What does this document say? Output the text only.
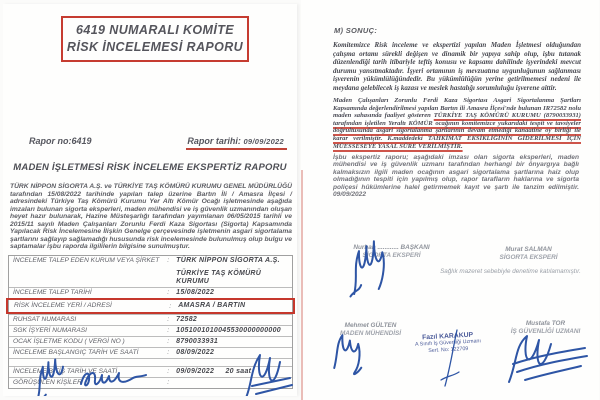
6419 NUMARALI KOMİTE
RİSK İNCELEMESİ RAPORU
Rapor no:6419	Rapor tarihi: 09/09/2022
MADEN İŞLETMESİ RİSK İNCELEME EKSPERTİZ RAPORU
TÜRK NİPPON SİGORTA A.Ş. ve TÜRKİYE TAŞ KÖMÜRÜ KURUMU GENEL MÜDÜRLÜĞÜ tarafından 15/08/2022 tarihinde yapılan talep üzerine Bartın İli / Amasra İlçesi / adresindeki Türkiye Taş Kömürü Kurumu Yer Altı Kömür Ocağı işletmesinde aşağıda imzaları bulunan sigorta eksperleri, maden mühendisi ve iş güvenlik uzmanından oluşan heyet hazır bulunarak, Hazine Müsteşarlığı tarafından yayımlanan 06/05/2015 tarihli ve 2015/11 sayılı Maden Çalışanları Zorunlu Ferdi Kaza Sigortası (Sigorta) Kapsamında Yapılacak Risk İncelemesine İlişkin Genelge çerçevesinde işletmenin asgari sigortalama şartlarını sağlayıp sağlamadığı hususunda risk incelemesinde bulunulmuş olup bulgu ve saptamalar işbu raporda ilgililerin bilgisine sunulmuştur.
İNCELEME TALEP EDEN KURUM VEYA ŞİRKET	:	TÜRK NİPPON SİGORTA A.Ş.
TÜRKİYE TAŞ KÖMÜRÜ KURUMU
İNCELEME TALEP TARİHİ	:	15/08/2022
RİSK İNCELEME YERİ / ADRESİ	:	AMASRA / BARTIN
RUHSAT NUMARASI	:	72582
SGK İŞYERİ NUMARASI	:	1051001010045530000000000
OCAK İŞLETME KODU ( VERGİ NO )	:	8790033931
İNCELEME BAŞLANGIÇ TARİH VE SAATİ	:	08/09/2022
İNCELEME BİTİŞ TARİH VE SAATİ	:	09/09/2022 20 saat
GÖRÜŞÜLEN KİŞİLER	:
M) SONUÇ:
Komitemizce Risk inceleme ve ekspertizi yapılan Maden İşletmesi olduğundan çalışma ortamı sürekli değişen ve dinamik bir yapıya sahip olup, işbu tutanak düzenlendiği tarih itibariyle teftiş konusu ve kapsamı dahilinde işyerindeki mevcut durumu yansıtmaktadır. İşyeri ortamının iş mevzuatına uygunluğunun sağlanması işverenin yükümlülüğündedir. Bu yükümlülüğün yerine getirilmemesi nedeni ile meydana gelebilecek iş kazası ve meslek hastalığı sorumluluğu işverene aittir.
Maden Çalışanları Zorunlu Ferdi Kaza Sigortası Asgari Sigortalanma Şartları Kapsamında değerlendirilmesi yapılan Bartın ili Amasra İlçesi'nde bulunan IR72582 nolu maden sahasında faaliyet gösteren TÜRKİYE TAŞ KÖMÜRÜ KURUMU (8790033931) tarafından işletilen Yeraltı KÖMÜR ocağının komitemizce yukarıdaki tespit ve tavsiyeler doğrultusunda asgari sigortalanma şartlarının devam etmediği kanaatine oy birliği ile karar verilmiştir. K.maddedeki TAHKİMAT EKSİKLİĞİNİN GİDERİLMESİ İÇİN MÜESSESEYE YASAL SÜRE VERİLMİŞTİR.
İşbu ekspertiz raporu; aşağıdaki imzası olan sigorta eksperleri, maden mühendisi ve iş güvenlik uzmanı tarafından herhangi bir önyargıya bağlı kalmaksızın ilgili maden ocağının asgari sigortalama şartlarına haiz olup olmadığının tespiti için yapılmış olup, rapor tarafların haklarına ve sigorta poliçesi hükümlerine halel getirmemek kayıt ve şartı ile tanzim edilmiştir. 09/09/2022
Nurhan ............ BAŞKANI
SİGORTA EKSPERİ
Murat SALMAN
SİGORTA EKSPERİ
Sağlık mazeret sebebiyle denetime katılamamıştır.
Mehmet GÜLTEN
MADEN MÜHENDİSİ	Fazıl KARAKUP
A Sınıfı İş Güvenliği Uzmanı
Sert. No: 122709
Mustafa TOR
İŞ GÜVENLİĞİ UZMANI
